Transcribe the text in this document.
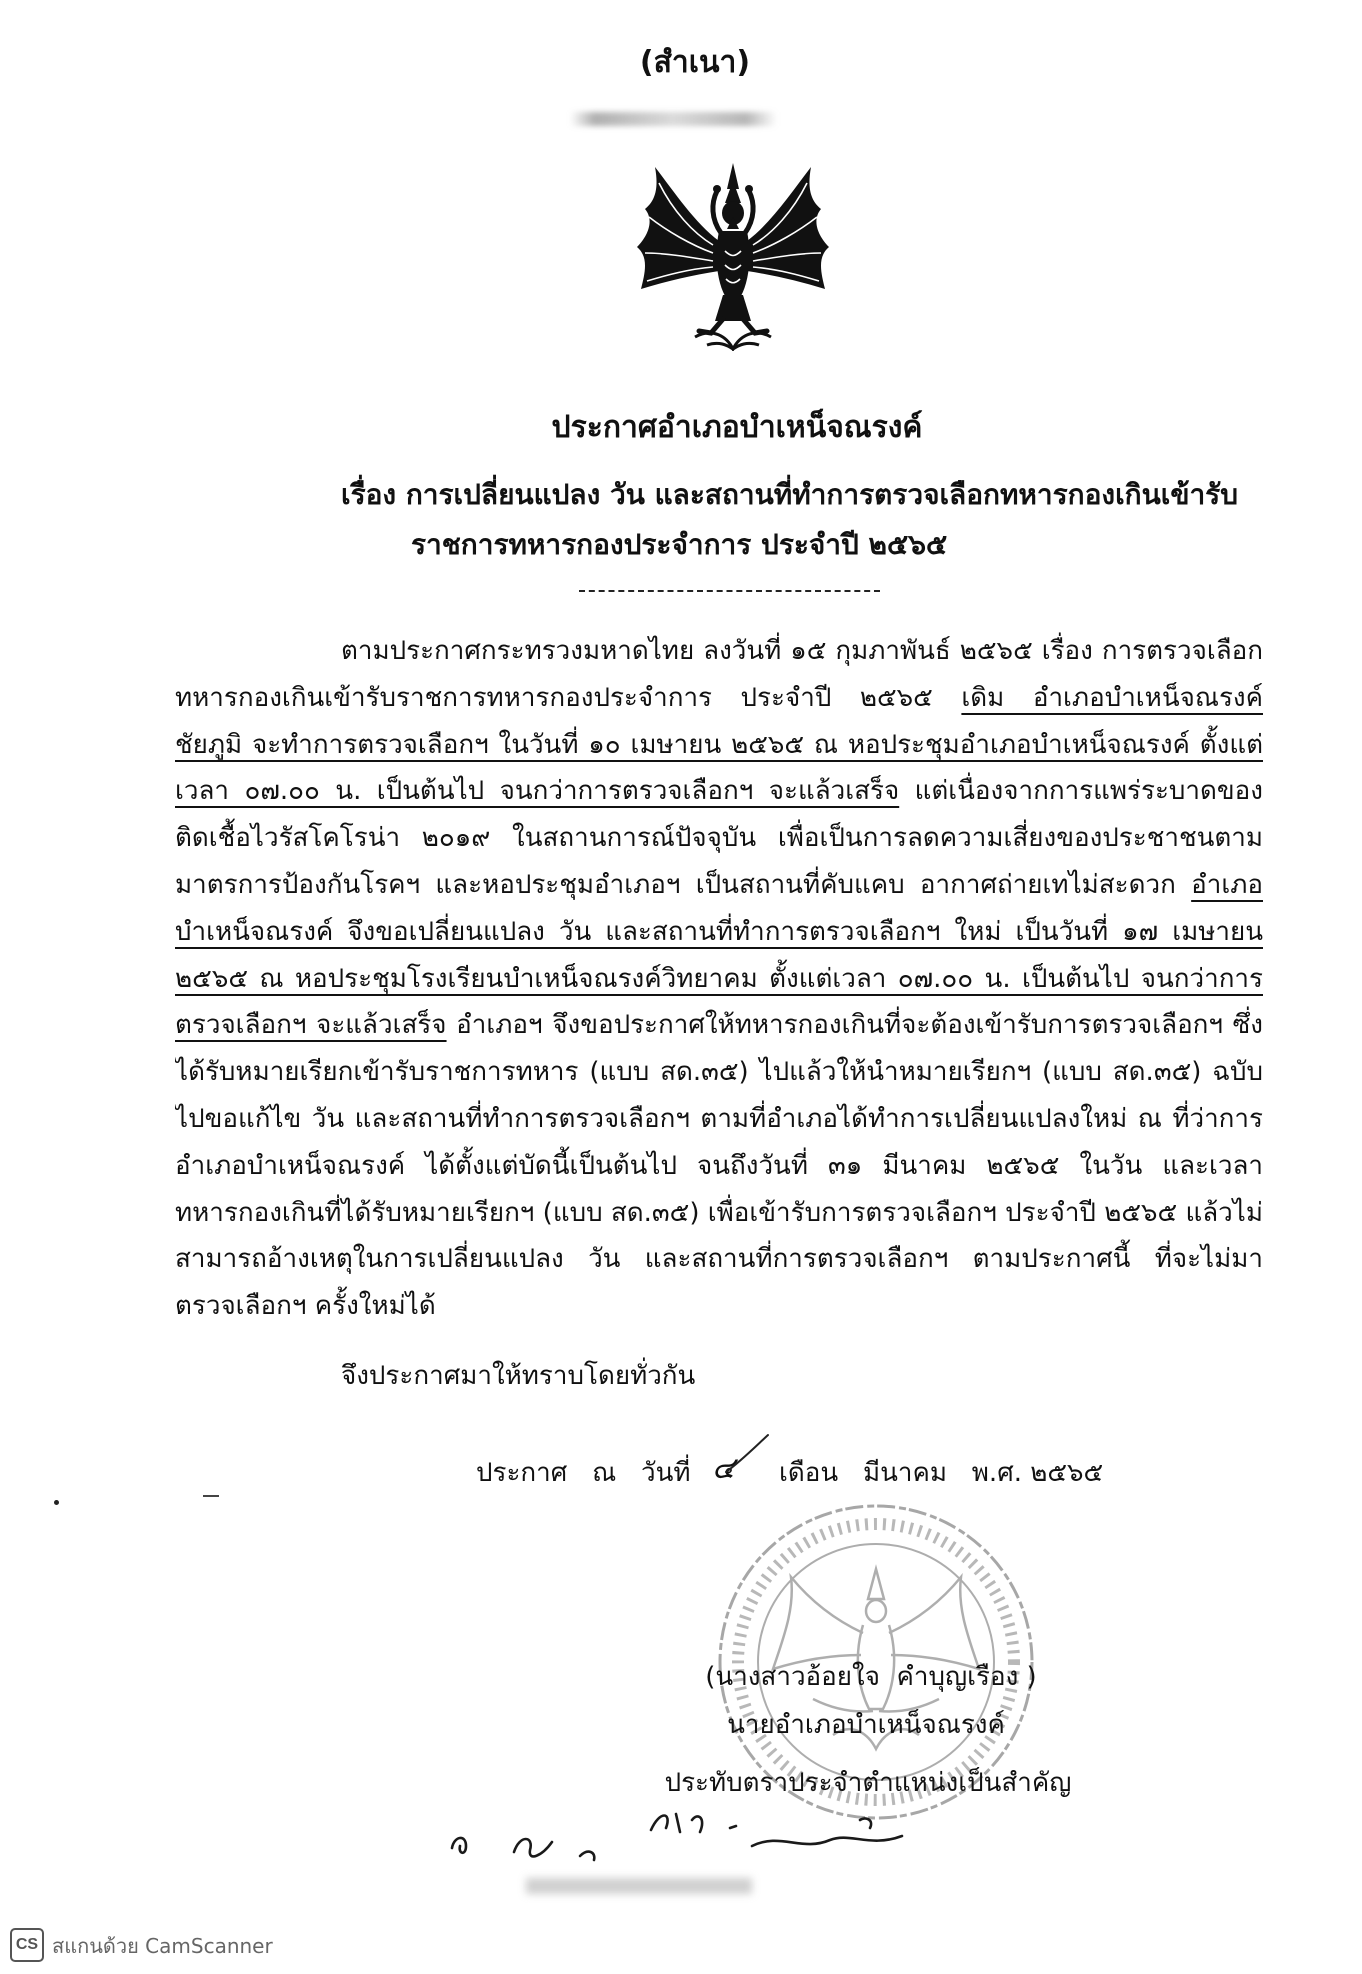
(สำเนา)
ประกาศอำเภอบำเหน็จณรงค์
เรื่อง การเปลี่ยนแปลง วัน และสถานที่ทำการตรวจเลือกทหารกองเกินเข้ารับ
ราชการทหารกองประจำการ ประจำปี ๒๕๖๕
ตามประกาศกระทรวงมหาดไทย ลงวันที่ ๑๕ กุมภาพันธ์ ๒๕๖๕ เรื่อง การตรวจเลือก
ทหารกองเกินเข้ารับราชการทหารกองประจำการ ประจำปี ๒๕๖๕ เดิม อำเภอบำเหน็จณรงค์
ชัยภูมิ จะทำการตรวจเลือกฯ ในวันที่ ๑๐ เมษายน ๒๕๖๕ ณ หอประชุมอำเภอบำเหน็จณรงค์ ตั้งแต่
เวลา ๐๗.๐๐ น. เป็นต้นไป จนกว่าการตรวจเลือกฯ จะแล้วเสร็จ แต่เนื่องจากการแพร่ระบาดของ
ติดเชื้อไวรัสโคโรน่า ๒๐๑๙ ในสถานการณ์ปัจจุบัน เพื่อเป็นการลดความเสี่ยงของประชาชนตาม
มาตรการป้องกันโรคฯ และหอประชุมอำเภอฯ เป็นสถานที่คับแคบ อากาศถ่ายเทไม่สะดวก อำเภอ
บำเหน็จณรงค์ จึงขอเปลี่ยนแปลง วัน และสถานที่ทำการตรวจเลือกฯ ใหม่ เป็นวันที่ ๑๗ เมษายน
๒๕๖๕ ณ หอประชุมโรงเรียนบำเหน็จณรงค์วิทยาคม ตั้งแต่เวลา ๐๗.๐๐ น. เป็นต้นไป จนกว่าการ
ตรวจเลือกฯ จะแล้วเสร็จ อำเภอฯ จึงขอประกาศให้ทหารกองเกินที่จะต้องเข้ารับการตรวจเลือกฯ ซึ่ง
ได้รับหมายเรียกเข้ารับราชการทหาร (แบบ สด.๓๕) ไปแล้วให้นำหมายเรียกฯ (แบบ สด.๓๕) ฉบับ
ไปขอแก้ไข วัน และสถานที่ทำการตรวจเลือกฯ ตามที่อำเภอได้ทำการเปลี่ยนแปลงใหม่ ณ ที่ว่าการ
อำเภอบำเหน็จณรงค์ ได้ตั้งแต่บัดนี้เป็นต้นไป จนถึงวันที่ ๓๑ มีนาคม ๒๕๖๕ ในวัน และเวลา
ทหารกองเกินที่ได้รับหมายเรียกฯ (แบบ สด.๓๕) เพื่อเข้ารับการตรวจเลือกฯ ประจำปี ๒๕๖๕ แล้วไม่
สามารถอ้างเหตุในการเปลี่ยนแปลง วัน และสถานที่การตรวจเลือกฯ ตามประกาศนี้ ที่จะไม่มา
ตรวจเลือกฯ ครั้งใหม่ได้
จึงประกาศมาให้ทราบโดยทั่วกัน
ประกาศ   ณ   วันที่ ๔ เดือน   มีนาคม   พ.ศ. ๒๕๖๕
(นางสาวอ้อยใจ  คำบุญเรือง )
นายอำเภอบำเหน็จณรงค์
ประทับตราประจำตำแหน่งเป็นสำคัญ
CS สแกนด้วย CamScanner
